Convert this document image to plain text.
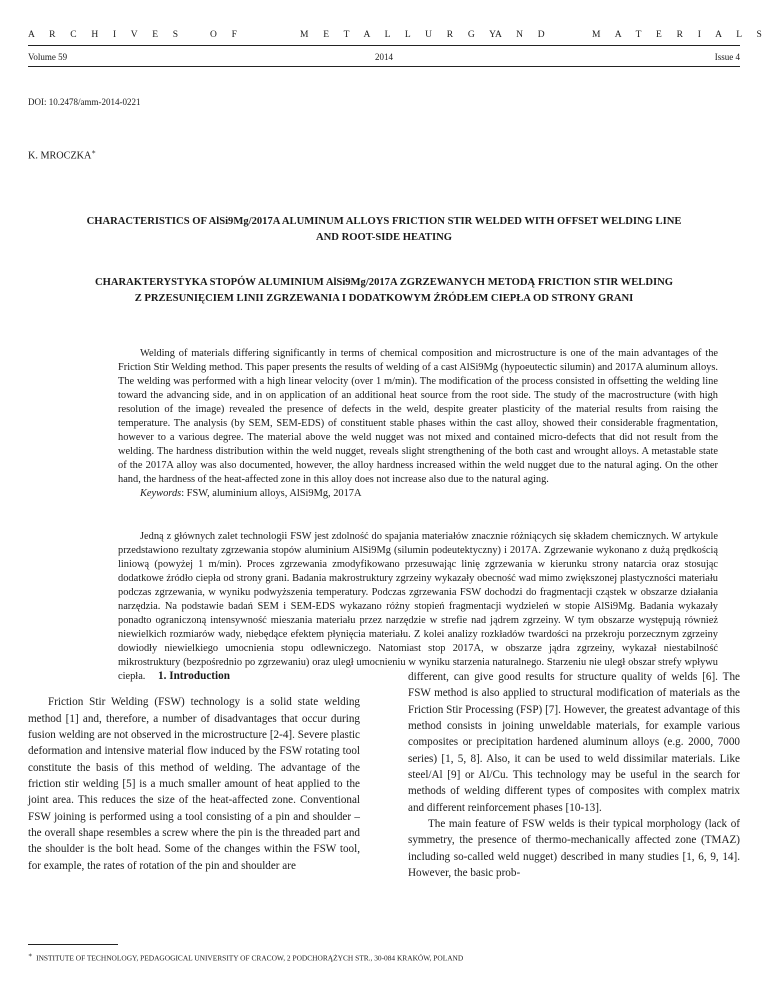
A R C H I V E S	O F	M E T A L L U R G Y
A N D	M A T E R I A L S
Volume 59	2014	Issue 4
DOI: 10.2478/amm-2014-0221
K. MROCZKA∗
CHARACTERISTICS OF AlSi9Mg/2017A ALUMINUM ALLOYS FRICTION STIR WELDED WITH OFFSET WELDING LINE
AND ROOT-SIDE HEATING
CHARAKTERYSTYKA STOPÓW ALUMINIUM AlSi9Mg/2017A ZGRZEWANYCH METODĄ FRICTION STIR WELDING
Z PRZESUNIĘCIEM LINII ZGRZEWANIA I DODATKOWYM ŹRÓDŁEM CIEPŁA OD STRONY GRANI

Welding of materials differing significantly in terms of chemical composition and microstructure is one of the main advantages of the Friction Stir Welding method. This paper presents the results of welding of a cast AlSi9Mg (hypoeutectic silumin) and 2017A aluminum alloys. The welding was performed with a high linear velocity (over 1 m/min). The modification of the process consisted in offsetting the welding line toward the advancing side, and in on application of an additional heat source from the root side. The study of the macrostructure (with high resolution of the image) revealed the presence of defects in the weld, despite greater plasticity of the material results from raising the temperature. The analysis (by SEM, SEM-EDS) of constituent stable phases within the cast alloy, showed their considerable fragmentation, however to a various degree. The material above the weld nugget was not mixed and contained micro-defects that did not result from the welding. The hardness distribution within the weld nugget, reveals slight strengthening of the both cast and wrought alloys. A metastable state of the 2017A alloy was also documented, however, the alloy hardness increased within the weld nugget due to the natural aging. On the other hand, the hardness of the heat-affected zone in this alloy does not increase also due to the natural aging.

Keywords: FSW, aluminium alloys, AlSi9Mg, 2017A

Jedną z głównych zalet technologii FSW jest zdolność do spajania materiałów znacznie różniących się składem chemicznych. W artykule przedstawiono rezultaty zgrzewania stopów aluminium AlSi9Mg (silumin podeutektyczny) i 2017A. Zgrzewanie wykonano z dużą prędkością liniową (powyżej 1 m/min). Proces zgrzewania zmodyfikowano przesuwając linię zgrzewania w kierunku strony natarcia oraz stosując dodatkowe źródło ciepła od strony grani. Badania makrostruktury zgrzeiny wykazały obecność wad mimo zwiększonej plastyczności materiału podczas zgrzewania, w wyniku podwyższenia temperatury. Podczas zgrzewania FSW dochodzi do fragmentacji cząstek w obszarze działania narzędzia. Na podstawie badań SEM i SEM-EDS wykazano różny stopień fragmentacji wydzieleń w stopie AlSi9Mg. Badania wykazały ponadto ograniczoną intensywność mieszania materiału przez narzędzie w strefie nad jądrem zgrzeiny. W tym obszarze występują również niewielkich rozmiarów wady, niebędące efektem płynięcia materiału. Z kolei analizy rozkładów twardości na przekroju porzecznym zgrzeiny dowiodły niewielkiego umocnienia stopu odlewniczego. Natomiast stop 2017A, w obszarze jądra zgrzeiny, wykazał niestabilność mikrostruktury (bezpośrednio po zgrzewaniu) oraz uległ umocnieniu w wyniku starzenia naturalnego. Starzeniu nie uległ obszar strefy wpływu ciepła.	1. Introduction

Friction Stir Welding (FSW) technology is a solid state welding method [1] and, therefore, a number of disadvantages that occur during fusion welding are not observed in the microstructure [2-4]. Severe plastic deformation and intensive material flow induced by the FSW rotating tool constitute the basis of this method of welding. The advantage of the friction stir welding [5] is a much smaller amount of heat applied to the joint area. This reduces the size of the heat-affected zone. Conventional FSW joining is performed using a tool consisting of a pin and shoulder – the overall shape resembles a screw where the pin is the threaded part and the shoulder is the bolt head. Some of the changes within the FSW tool, for example, the rates of rotation of the pin and shoulder are

different, can give good results for structure quality of welds [6]. The FSW method is also applied to structural modification of materials as the Friction Stir Processing (FSP) [7]. However, the greatest advantage of this method consists in joining unweldable materials, for example various composites or precipitation hardened aluminum alloys (e.g. 2000, 7000 series) [1, 5, 8]. Also, it can be used to weld dissimilar materials. Like steel/Al [9] or Al/Cu. This technology may be useful in the search for methods of welding different types of composites with complex matrix and different reinforcement phases [10-13].

The main feature of FSW welds is their typical morphology (lack of symmetry, the presence of thermo-mechanically affected zone (TMAZ) including so-called weld nugget) described in many studies [1, 6, 9, 14]. However, the basic prob-

∗ INSTITUTE OF TECHNOLOGY, PEDAGOGICAL UNIVERSITY OF CRACOW, 2 PODCHORĄŻYCH STR., 30-084 KRAKÓW, POLAND
